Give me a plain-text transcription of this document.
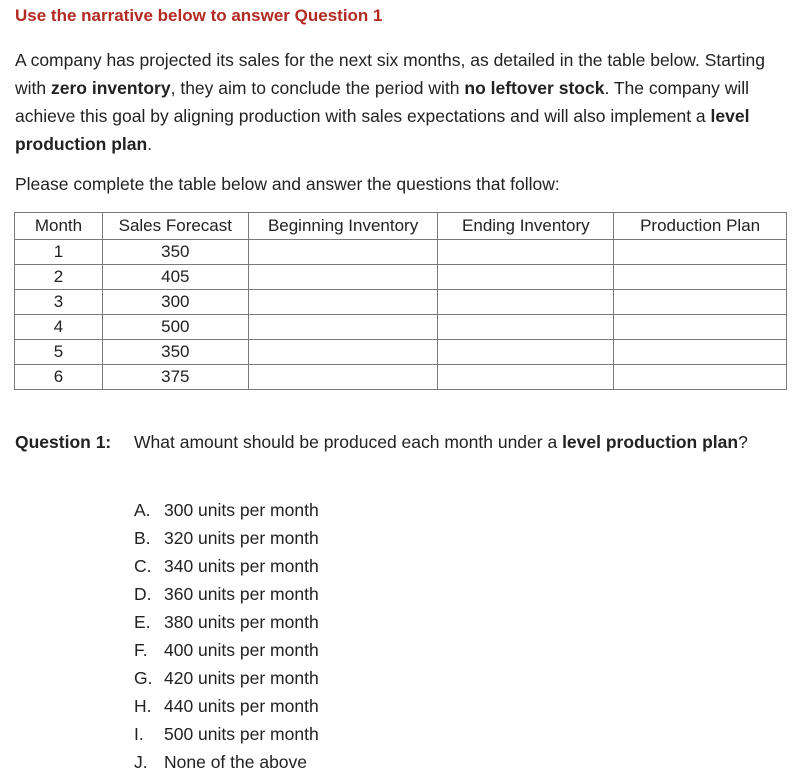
Use the narrative below to answer Question 1

A company has projected its sales for the next six months, as detailed in the table below. Starting with zero inventory, they aim to conclude the period with no leftover stock. The company will achieve this goal by aligning production with sales expectations and will also implement a level production plan.

Please complete the table below and answer the questions that follow:

Month	Sales Forecast	Beginning Inventory	Ending Inventory	Production Plan
1	350			
2	405			
3	300			
4	500			
5	350			
6	375			
Question 1: What amount should be produced each month under a level production plan?

A. 300 units per month
B. 320 units per month
C. 340 units per month
D. 360 units per month
E. 380 units per month
F. 400 units per month
G. 420 units per month
H. 440 units per month
I.	500 units per month
J. None of the above
